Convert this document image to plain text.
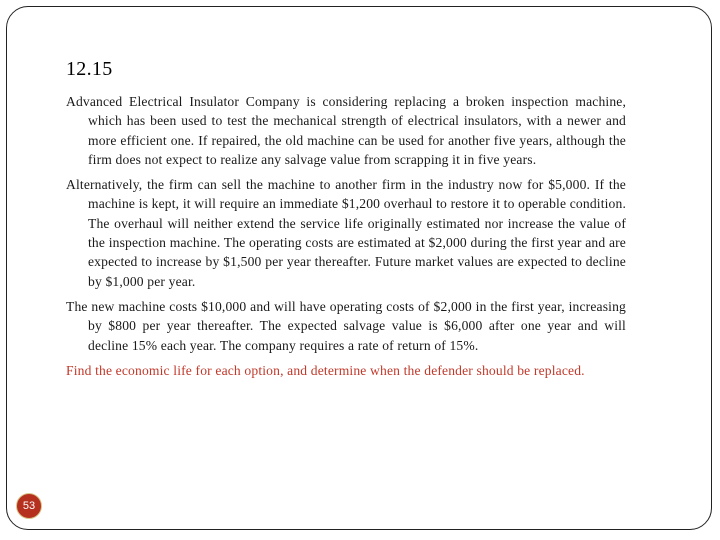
12.15

Advanced Electrical Insulator Company is considering replacing a broken inspection machine, which has been used to test the mechanical strength of electrical insulators, with a newer and more efficient one. If repaired, the old machine can be used for another five years, although the firm does not expect to realize any salvage value from scrapping it in five years.

Alternatively, the firm can sell the machine to another firm in the industry now for $5,000. If the machine is kept, it will require an immediate $1,200 overhaul to restore it to operable condition. The overhaul will neither extend the service life originally estimated nor increase the value of the inspection machine. The operating costs are estimated at $2,000 during the first year and are expected to increase by $1,500 per year thereafter. Future market values are expected to decline by $1,000 per year.

The new machine costs $10,000 and will have operating costs of $2,000 in the first year, increasing by $800 per year thereafter. The expected salvage value is $6,000 after one year and will decline 15% each year. The company requires a rate of return of 15%.

Find the economic life for each option, and determine when the defender should be replaced.

53
